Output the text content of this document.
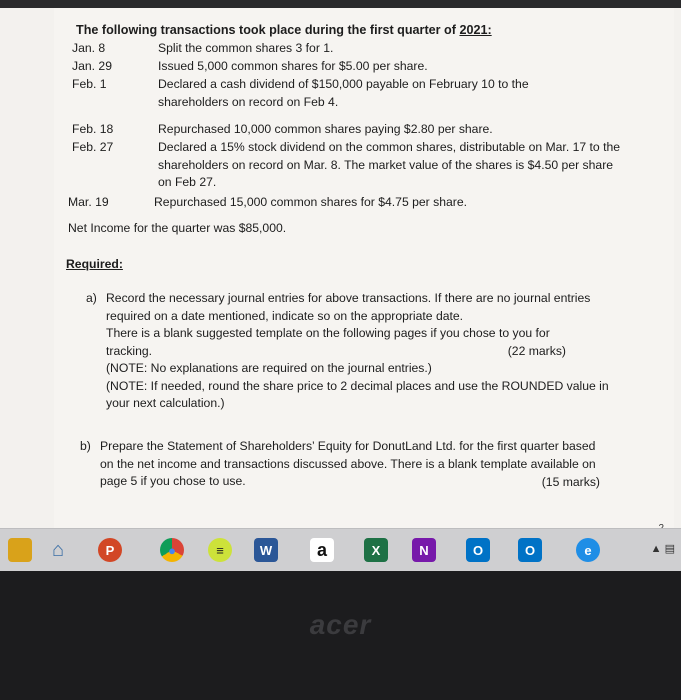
The following transactions took place during the first quarter of 2021:
Jan. 8	Split the common shares 3 for 1.
Jan. 29	Issued 5,000 common shares for $5.00 per share.
Feb. 1	Declared a cash dividend of $150,000 payable on February 10 to the shareholders on record on Feb 4.
Feb. 18	Repurchased 10,000 common shares paying $2.80 per share.
Feb. 27	Declared a 15% stock dividend on the common shares, distributable on Mar. 17 to the shareholders on record on Mar. 8. The market value of the shares is $4.50 per share on Feb 27.
Mar. 19	Repurchased 15,000 common shares for $4.75 per share.
Net Income for the quarter was $85,000.
Required:
a) Record the necessary journal entries for above transactions. If there are no journal entries required on a date mentioned, indicate so on the appropriate date.
There is a blank suggested template on the following pages if you chose to you for tracking.	(22 marks)
(NOTE: No explanations are required on the journal entries.)
(NOTE: If needed, round the share price to 2 decimal places and use the ROUNDED value in your next calculation.)
b) Prepare the Statement of Shareholders’ Equity for DonutLand Ltd. for the first quarter based on the net income and transactions discussed above. There is a blank template available on page 5 if you chose to use.	(15 marks)
⌂	P	●	≡	W	a	X	N	O	O	e	▲ ▤
acer
